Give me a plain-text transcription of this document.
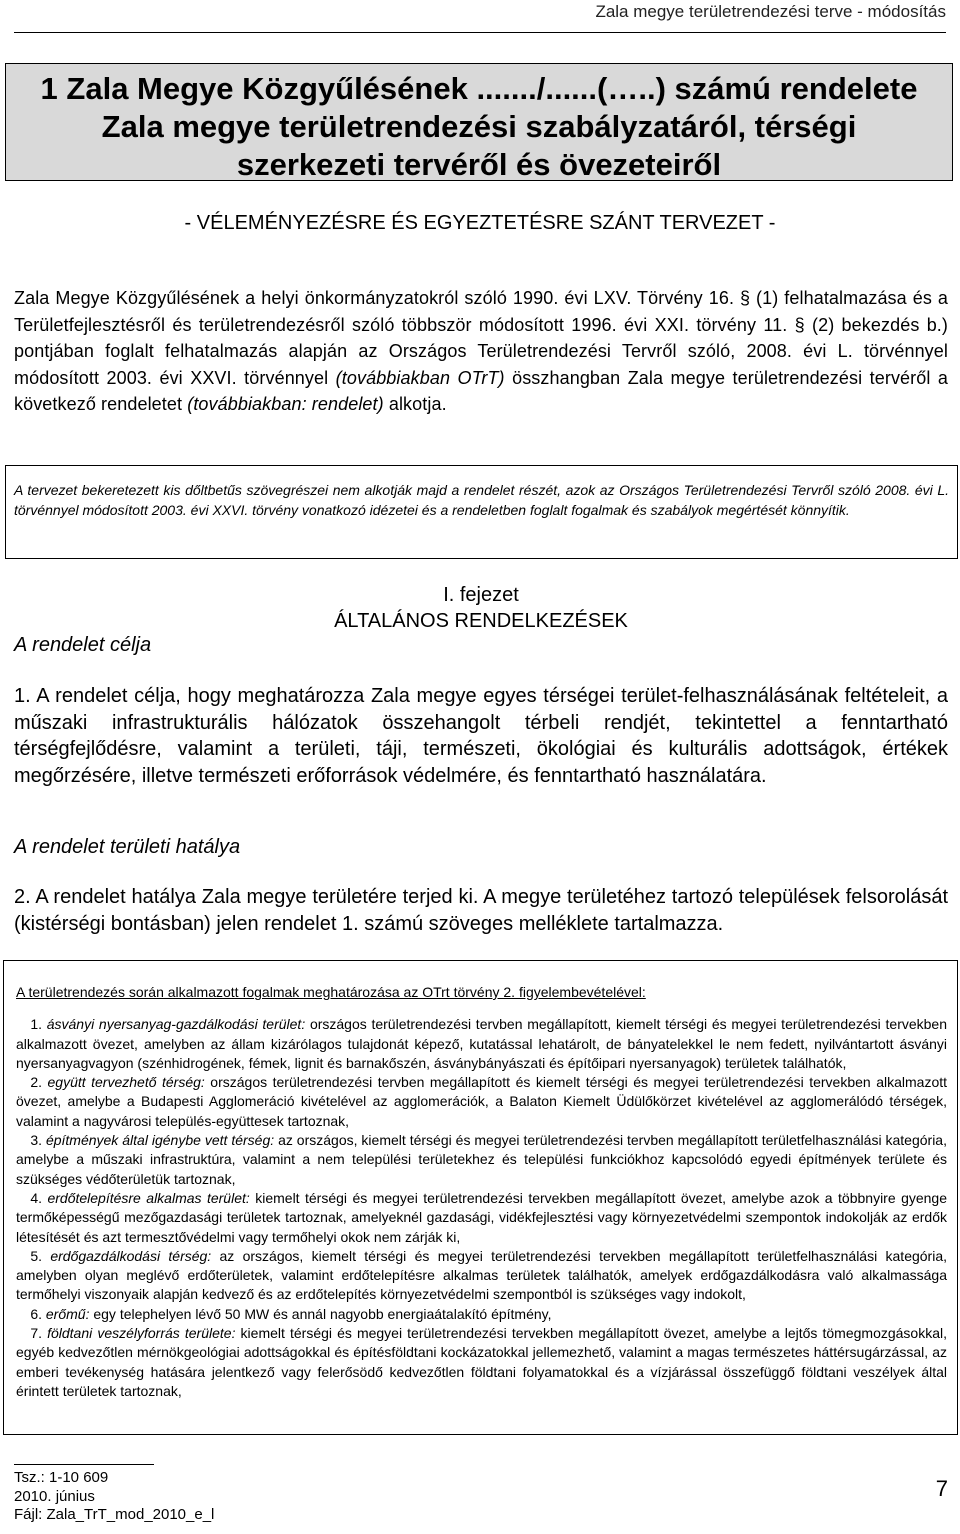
Zala megye területrendezési terve - módosítás
1 Zala Megye Közgyűlésének ......./......(…..) számú rendelete
Zala megye területrendezési szabályzatáról, térségi
szerkezeti tervéről és övezeteiről
- VÉLEMÉNYEZÉSRE ÉS EGYEZTETÉSRE SZÁNT TERVEZET -
Zala Megye Közgyűlésének a helyi önkormányzatokról szóló 1990. évi LXV. Törvény 16. § (1) felhatalmazása és a Területfejlesztésről és területrendezésről szóló többször módosított 1996. évi XXI. törvény 11. § (2) bekezdés b.) pontjában foglalt felhatalmazás alapján az Országos Területrendezési Tervről szóló, 2008. évi L. törvénnyel módosított 2003. évi XXVI. törvénnyel (továbbiakban OTrT) összhangban Zala megye területrendezési tervéről a következő rendeletet (továbbiakban: rendelet) alkotja.
A tervezet bekeretezett kis dőltbetűs szövegrészei nem alkotják majd a rendelet részét, azok az Országos Területrendezési Tervről szóló 2008. évi L. törvénnyel módosított 2003. évi XXVI. törvény vonatkozó idézetei és a rendeletben foglalt fogalmak és szabályok megértését könnyítik.
I. fejezet
ÁLTALÁNOS RENDELKEZÉSEK
A rendelet célja
1. A rendelet célja, hogy meghatározza Zala megye egyes térségei terület-felhasználásának feltételeit, a műszaki infrastrukturális hálózatok összehangolt térbeli rendjét, tekintettel a fenntartható térségfejlődésre, valamint a területi, táji, természeti, ökológiai és kulturális adottságok, értékek megőrzésére, illetve természeti erőforrások védelmére, és fenntartható használatára.
A rendelet területi hatálya
2. A rendelet hatálya Zala megye területére terjed ki. A megye területéhez tartozó települések felsorolását (kistérségi bontásban) jelen rendelet 1. számú szöveges melléklete tartalmazza.
A területrendezés során alkalmazott fogalmak meghatározása az OTrt törvény 2. figyelembevételével:
1. ásványi nyersanyag-gazdálkodási terület: országos területrendezési tervben megállapított, kiemelt térségi és megyei területrendezési tervekben alkalmazott övezet, amelyben az állam kizárólagos tulajdonát képező, kutatással lehatárolt, de bányatelekkel le nem fedett, nyilvántartott ásványi nyersanyagvagyon (szénhidrogének, fémek, lignit és barnakőszén, ásványbányászati és építőipari nyersanyagok) területek találhatók,
2. együtt tervezhető térség: országos területrendezési tervben megállapított és kiemelt térségi és megyei területrendezési tervekben alkalmazott övezet, amelybe a Budapesti Agglomeráció kivételével az agglomerációk, a Balaton Kiemelt Üdülőkörzet kivételével az agglomerálódó térségek, valamint a nagyvárosi település-együttesek tartoznak,
3. építmények által igénybe vett térség: az országos, kiemelt térségi és megyei területrendezési tervben megállapított területfelhasználási kategória, amelybe a műszaki infrastruktúra, valamint a nem települési területekhez és települési funkciókhoz kapcsolódó egyedi építmények területe és szükséges védőterületük tartoznak,
4. erdőtelepítésre alkalmas terület: kiemelt térségi és megyei területrendezési tervekben megállapított övezet, amelybe azok a többnyire gyenge termőképességű mezőgazdasági területek tartoznak, amelyeknél gazdasági, vidékfejlesztési vagy környezetvédelmi szempontok indokolják az erdők létesítését és azt termesztővédelmi vagy termőhelyi okok nem zárják ki,
5. erdőgazdálkodási térség: az országos, kiemelt térségi és megyei területrendezési tervekben megállapított területfelhasználási kategória, amelyben olyan meglévő erdőterületek, valamint erdőtelepítésre alkalmas területek találhatók, amelyek erdőgazdálkodásra való alkalmassága termőhelyi viszonyaik alapján kedvező és az erdőtelepítés környezetvédelmi szempontból is szükséges vagy indokolt,
6. erőmű: egy telephelyen lévő 50 MW és annál nagyobb energiaátalakító építmény,
7. földtani veszélyforrás területe: kiemelt térségi és megyei területrendezési tervekben megállapított övezet, amelybe a lejtős tömegmozgásokkal, egyéb kedvezőtlen mérnökgeológiai adottságokkal és építésföldtani kockázatokkal jellemezhető, valamint a magas természetes háttérsugárzással, az emberi tevékenység hatására jelentkező vagy felerősödő kedvezőtlen földtani folyamatokkal és a vízjárással összefüggő földtani veszélyek által érintett területek tartoznak,
Tsz.: 1-10 609
2010. június
Fájl: Zala_TrT_mod_2010_e_l
7
